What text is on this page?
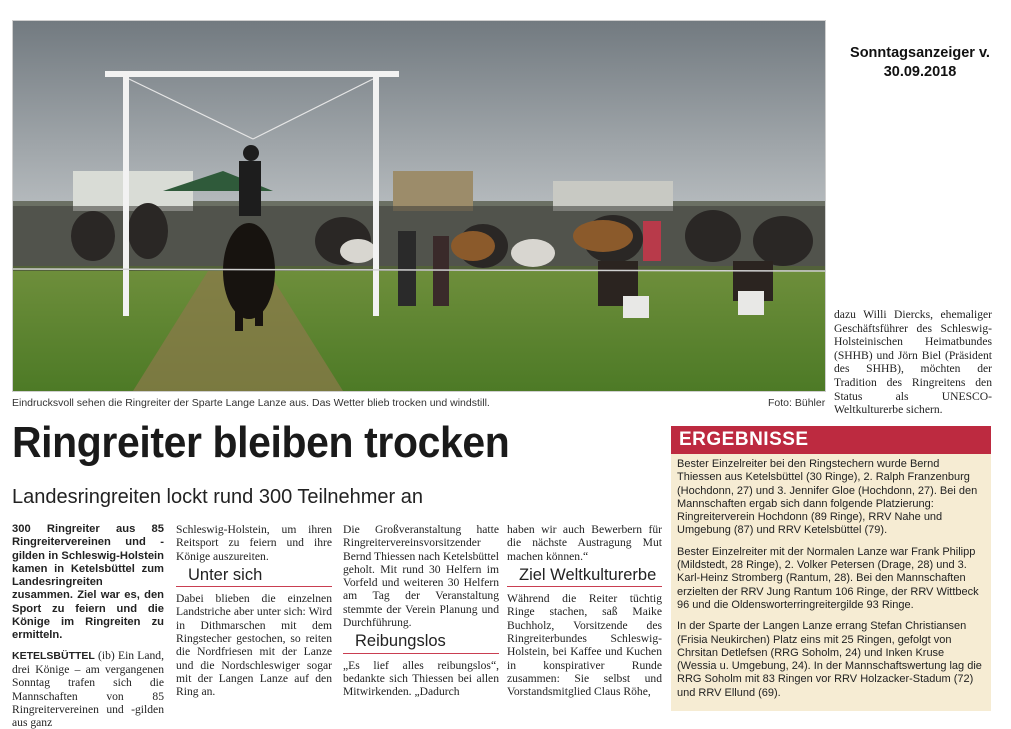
Sonntagsanzeiger v.
30.09.2018
Eindrucksvoll sehen die Ringreiter der Sparte Lange Lanze aus. Das Wetter blieb trocken und windstill.	Foto: Bühler
dazu Willi Diercks, ehemaliger Geschäftsführer des Schleswig-Holsteinischen Heimatbundes (SHHB) und Jörn Biel (Präsident des SHHB), möchten der Tradition des Ringreitens den Status als UNESCO-Weltkulturerbe sichern.
Ringreiter bleiben trocken
Landesringreiten lockt rund 300 Teilnehmer an

300 Ringreiter aus 85 Ringreitervereinen und -gilden in Schleswig-Holstein kamen in Ketelsbüttel zum Landesringreiten zusammen. Ziel war es, den Sport zu feiern und die Könige im Ringreiten zu ermitteln.

KETELSBÜTTEL (ib) Ein Land, drei Könige – am vergangenen Sonntag trafen sich die Mannschaften von 85 Ringreitervereinen und -gilden aus ganz

Schleswig-Holstein, um ihren Reitsport zu feiern und ihre Könige auszureiten.

Unter sich

Dabei blieben die einzelnen Landstriche aber unter sich: Wird in Dithmarschen mit dem Ringstecher gestochen, so reiten die Nordfriesen mit der Lanze und die Nordschleswiger sogar mit der Langen Lanze auf den Ring an.

Die Großveranstaltung hatte Ringreitervereinsvorsitzender Bernd Thiessen nach Ketelsbüttel geholt. Mit rund 30 Helfern im Vorfeld und weiteren 30 Helfern am Tag der Veranstaltung stemmte der Verein Planung und Durchführung.

Reibungslos

„Es lief alles reibungslos“, bedankte sich Thiessen bei allen Mitwirkenden. „Dadurch

haben wir auch Bewerbern für die nächste Austragung Mut machen können.“

Ziel Weltkulturerbe

Während die Reiter tüchtig Ringe stachen, saß Maike Buchholz, Vorsitzende des Ringreiterbundes Schleswig-Holstein, bei Kaffee und Kuchen in konspirativer Runde zusammen: Sie selbst und Vorstandsmitglied Claus Röhe,

ERGEBNISSE

Bester Einzelreiter bei den Ringstechern wurde Bernd Thiessen aus Ketelsbüttel (30 Ringe), 2. Ralph Franzenburg (Hochdonn, 27) und 3. Jennifer Gloe (Hochdonn, 27). Bei den Mannschaften ergab sich dann folgende Platzierung: Ringreiterverein Hochdonn (89 Ringe), RRV Nahe und Umgebung (87) und RRV Ketelsbüttel (79).

Bester Einzelreiter mit der Normalen Lanze war Frank Philipp (Mildstedt, 28 Ringe), 2. Volker Petersen (Drage, 28) und 3. Karl-Heinz Stromberg (Rantum, 28). Bei den Mannschaften erzielten der RRV Jung Rantum 106 Ringe, der RRV Wittbeck 96 und die Oldensworterringreitergilde 93 Ringe.

In der Sparte der Langen Lanze errang Stefan Christiansen (Frisia Neukirchen) Platz eins mit 25 Ringen, gefolgt von Chrsitan Detlefsen (RRG Soholm, 24) und Inken Kruse (Wessia u. Umgebung, 24). In der Mannschaftswertung lag die RRG Soholm mit 83 Ringen vor RRV Holzacker-Stadum (72) und RRV Ellund (69).
